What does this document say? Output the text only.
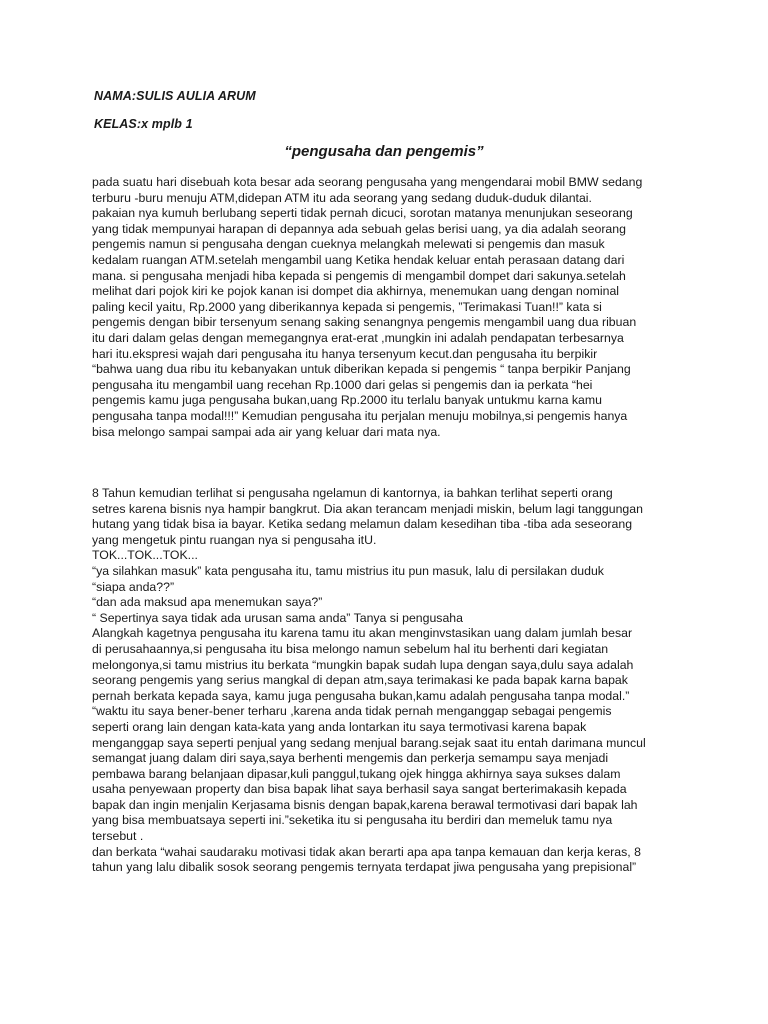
NAMA:SULIS AULIA ARUM
KELAS:x mplb 1
“pengusaha dan pengemis”
pada suatu hari disebuah kota besar ada seorang pengusaha yang mengendarai mobil BMW sedang
terburu -buru menuju ATM,didepan ATM itu ada seorang yang sedang duduk-duduk dilantai.
pakaian nya kumuh berlubang seperti tidak pernah dicuci, sorotan matanya menunjukan seseorang
yang tidak mempunyai harapan di depannya ada sebuah gelas berisi uang, ya dia adalah seorang
pengemis namun si pengusaha dengan cueknya melangkah melewati si pengemis dan masuk
kedalam ruangan ATM.setelah mengambil uang Ketika hendak keluar entah perasaan datang dari
mana. si pengusaha menjadi hiba kepada si pengemis di mengambil dompet dari sakunya.setelah
melihat dari pojok kiri ke pojok kanan isi dompet dia akhirnya, menemukan uang dengan nominal
paling kecil yaitu, Rp.2000 yang diberikannya kepada si pengemis, ”Terimakasi Tuan!!” kata si
pengemis dengan bibir tersenyum senang saking senangnya pengemis mengambil uang dua ribuan
itu dari dalam gelas dengan memegangnya erat-erat ,mungkin ini adalah pendapatan terbesarnya
hari itu.ekspresi wajah dari pengusaha itu hanya tersenyum kecut.dan pengusaha itu berpikir
“bahwa uang dua ribu itu kebanyakan untuk diberikan kepada si pengemis “ tanpa berpikir Panjang
pengusaha itu mengambil uang recehan Rp.1000 dari gelas si pengemis dan ia perkata “hei
pengemis kamu juga pengusaha bukan,uang Rp.2000 itu terlalu banyak untukmu karna kamu
pengusaha tanpa modal!!!” Kemudian pengusaha itu perjalan menuju mobilnya,si pengemis hanya
bisa melongo sampai sampai ada air yang keluar dari mata nya.
8 Tahun kemudian terlihat si pengusaha ngelamun di kantornya, ia bahkan terlihat seperti orang
setres karena bisnis nya hampir bangkrut. Dia akan terancam menjadi miskin, belum lagi tanggungan
hutang yang tidak bisa ia bayar. Ketika sedang melamun dalam kesedihan tiba -tiba ada seseorang
yang mengetuk pintu ruangan nya si pengusaha itU.
TOK...TOK...TOK...
“ya silahkan masuk” kata pengusaha itu, tamu mistrius itu pun masuk, lalu di persilakan duduk
“siapa anda??”
“dan ada maksud apa menemukan saya?”
“ Sepertinya saya tidak ada urusan sama anda” Tanya si pengusaha
Alangkah kagetnya pengusaha itu karena tamu itu akan menginvstasikan uang dalam jumlah besar
di perusahaannya,si pengusaha itu bisa melongo namun sebelum hal itu berhenti dari kegiatan
melongonya,si tamu mistrius itu berkata “mungkin bapak sudah lupa dengan saya,dulu saya adalah
seorang pengemis yang serius mangkal di depan atm,saya terimakasi ke pada bapak karna bapak
pernah berkata kepada saya, kamu juga pengusaha bukan,kamu adalah pengusaha tanpa modal.”
“waktu itu saya bener-bener terharu ,karena anda tidak pernah menganggap sebagai pengemis
seperti orang lain dengan kata-kata yang anda lontarkan itu saya termotivasi karena bapak
menganggap saya seperti penjual yang sedang menjual barang.sejak saat itu entah darimana muncul
semangat juang dalam diri saya,saya berhenti mengemis dan perkerja semampu saya menjadi
pembawa barang belanjaan dipasar,kuli panggul,tukang ojek hingga akhirnya saya sukses dalam
usaha penyewaan property dan bisa bapak lihat saya berhasil saya sangat berterimakasih kepada
bapak dan ingin menjalin Kerjasama bisnis dengan bapak,karena berawal termotivasi dari bapak lah
yang bisa membuatsaya seperti ini.”seketika itu si pengusaha itu berdiri dan memeluk tamu nya
tersebut .
dan berkata “wahai saudaraku motivasi tidak akan berarti apa apa tanpa kemauan dan kerja keras, 8
tahun yang lalu dibalik sosok seorang pengemis ternyata terdapat jiwa pengusaha yang prepisional”
